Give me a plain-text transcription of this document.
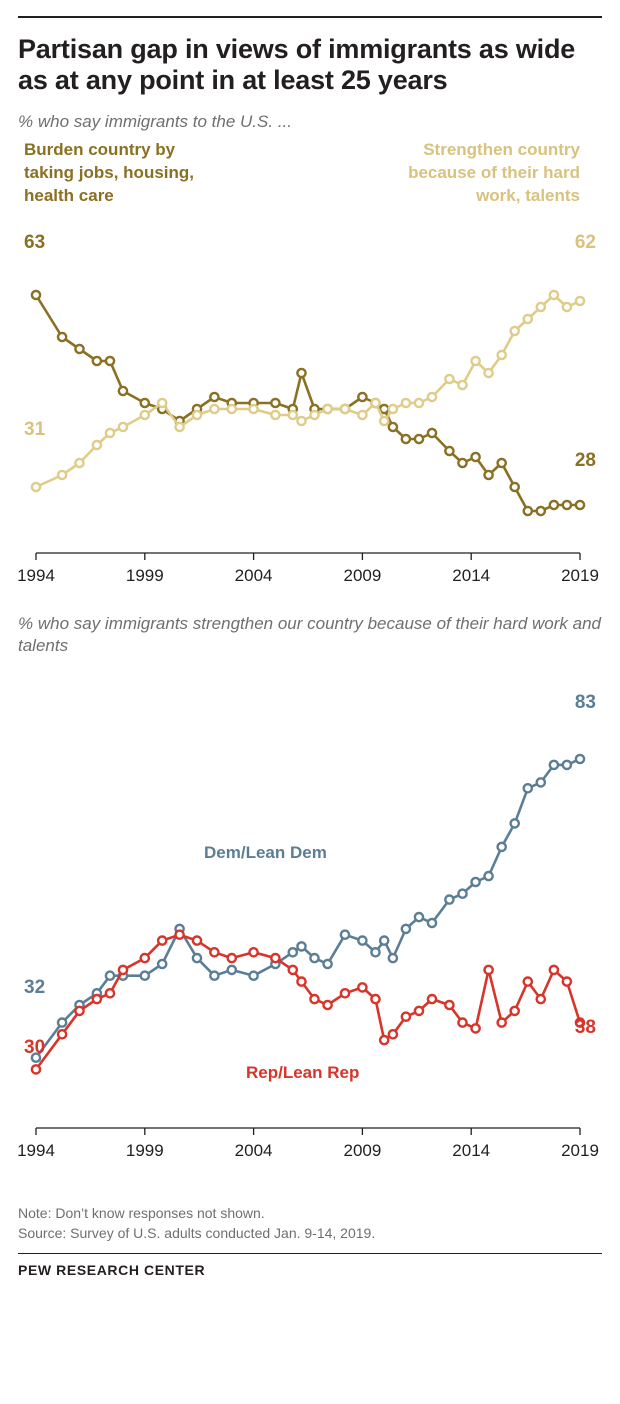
Partisan gap in views of immigrants as wide as at any point in at least 25 years

% who say immigrants to the U.S. ...

1994	1999	2004	2009	2014	2019
Burden country by
taking jobs, housing,
health care
Strengthen country
because of their hard
work, talents
63
28
31
62

% who say immigrants strengthen our country because of their hard work and talents

1994	1999	2004	2009	2014	2019
Dem/Lean Dem
Rep/Lean Rep
32
83
30
38

Note: Don’t know responses not shown.

Source: Survey of U.S. adults conducted Jan. 9-14, 2019.

PEW RESEARCH CENTER
